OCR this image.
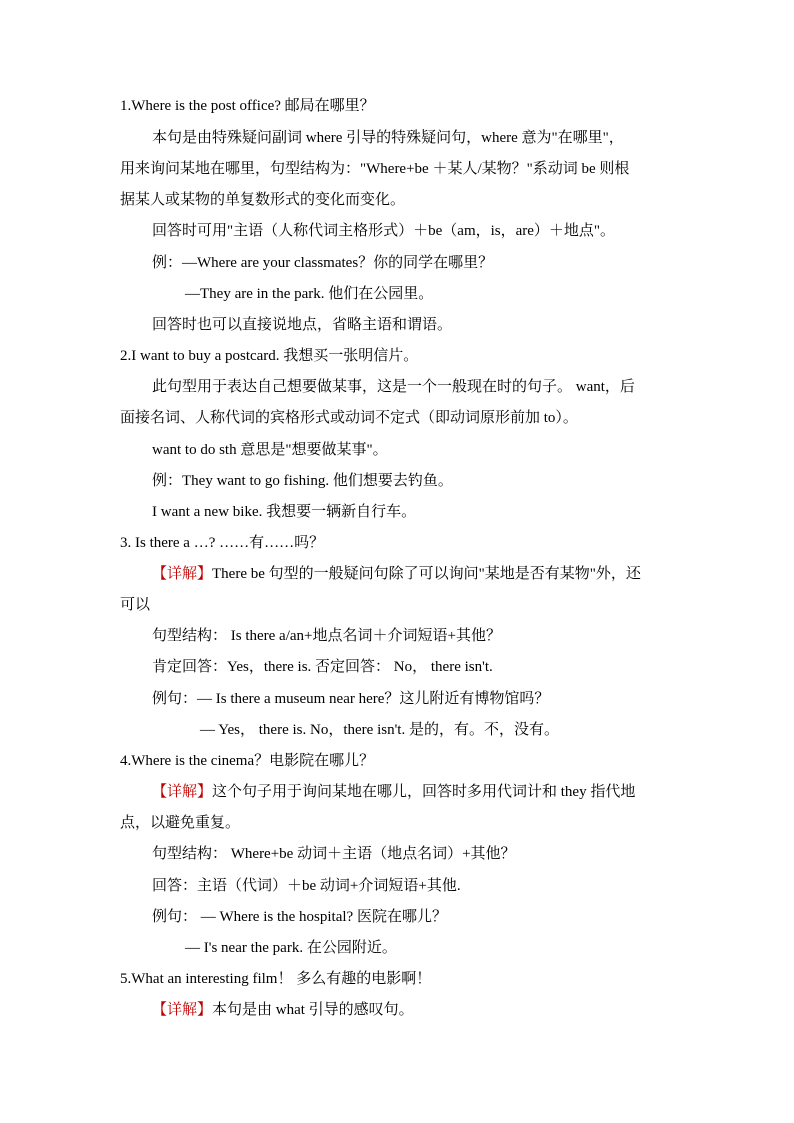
1.Where is the post office? 邮局在哪里？
本句是由特殊疑问副词 where 引导的特殊疑问句，where 意为"在哪里"，
用来询问某地在哪里，句型结构为："Where+be ＋某人/某物？"系动词 be 则根
据某人或某物的单复数形式的变化而变化。
回答时可用"主语（人称代词主格形式）＋be（am，is，are）＋地点"。
例：—Where are your classmates？你的同学在哪里？
—They are in the park. 他们在公园里。
回答时也可以直接说地点，省略主语和谓语。
2.I want to buy a postcard. 我想买一张明信片。
此句型用于表达自己想要做某事，这是一个一般现在时的句子。 want，后
面接名词、人称代词的宾格形式或动词不定式（即动词原形前加 to）。
want to do sth 意思是"想要做某事"。
例：They want to go fishing. 他们想要去钓鱼。
I want a new bike. 我想要一辆新自行车。
3. Is there a …? ……有……吗？
【详解】There be 句型的一般疑问句除了可以询问"某地是否有某物"外，还
可以
句型结构： Is there a/an+地点名词＋介词短语+其他？
肯定回答：Yes，there is. 否定回答： No， there isn't.
例句：— Is there a museum near here？这儿附近有博物馆吗？
— Yes， there is. No，there isn't. 是的，有。不，没有。
4.Where is the cinema？电影院在哪儿？
【详解】这个句子用于询问某地在哪儿，回答时多用代词计和 they 指代地
点，以避免重复。
句型结构： Where+be 动词＋主语（地点名词）+其他？
回答：主语（代词）＋be 动词+介词短语+其他.
例句： — Where is the hospital? 医院在哪儿？
— I's near the park. 在公园附近。
5.What an interesting film！ 多么有趣的电影啊！
【详解】本句是由 what 引导的感叹句。
